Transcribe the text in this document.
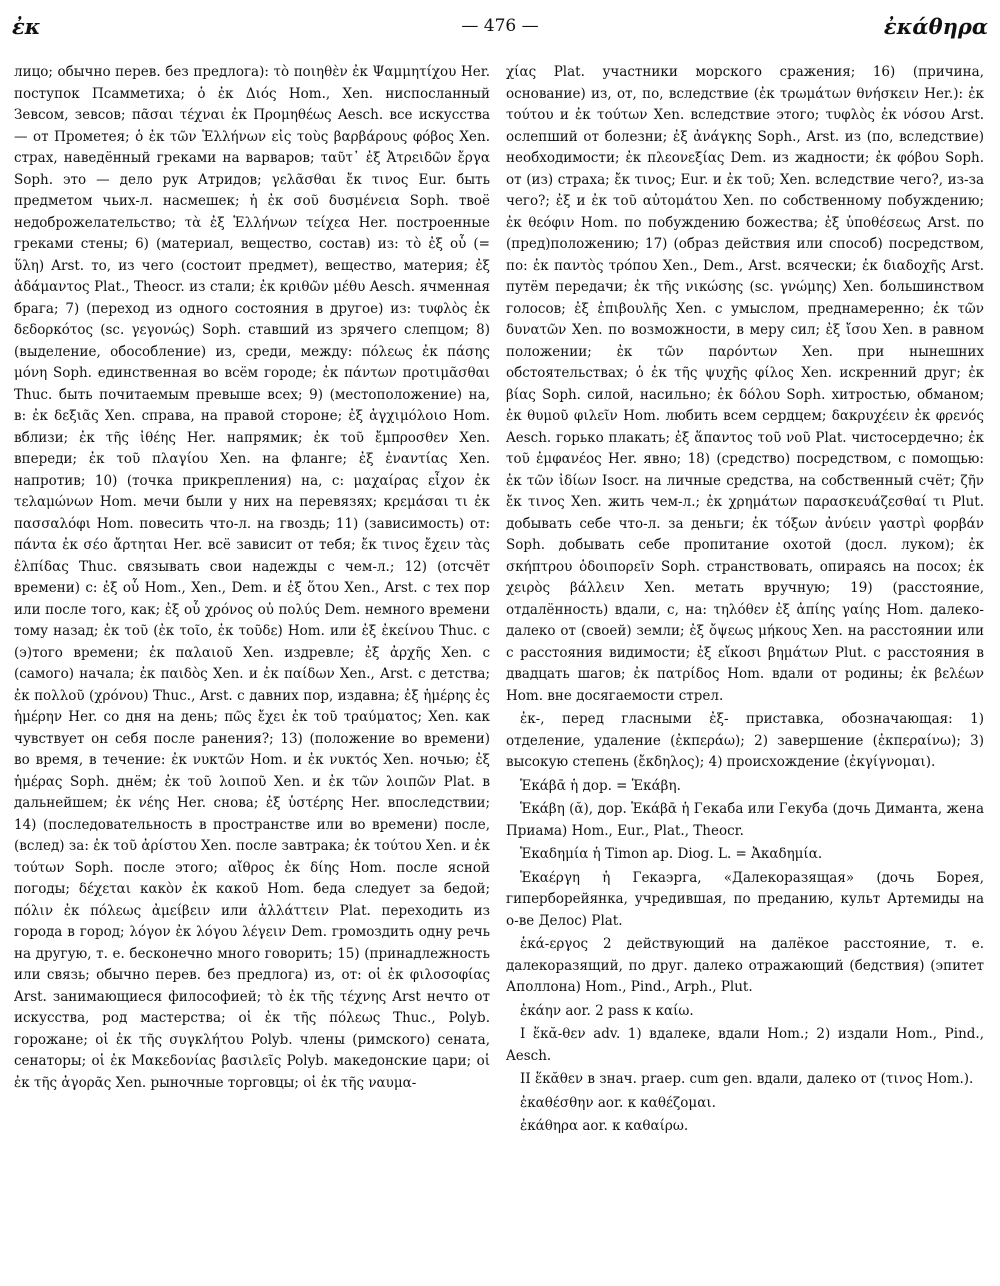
ἐκ	— 476 —	ἐκάθηρα

лицо; обычно перев. без предлога): τὸ ποιηθὲν ἐκ Ψαμμητίχου Her. поступок Псамметиха; ὁ ἐκ Διός Hom., Xen. ниспосланный Зевсом, зевсов; πᾶσαι τέχναι ἐκ Προμηθέως Aesch. все искусства — от Прометея; ὁ ἐκ τῶν Ἑλλήνων εἰς τοὺς βαρβάρους φόβος Xen. страх, наведённый греками на варваров; ταῦτ᾽ ἐξ Ἀτρειδῶν ἔργα Soph. это — дело рук Атридов; γελᾶσθαι ἔκ τινος Eur. быть предметом чьих-л. насмешек; ἡ ἐκ σοῦ δυσμένεια Soph. твоё недоброжелательство; τὰ ἐξ Ἑλλήνων τείχεα Her. построенные греками стены; 6) (материал, вещество, состав) из: τὸ ἐξ οὗ (= ὕλη) Arst. то, из чего (состоит предмет), вещество, материя; ἐξ ἀδάμαντος Plat., Theocr. из стали; ἐκ κριθῶν μέθυ Aesch. ячменная брага; 7) (переход из одного состояния в другое) из: τυφλὸς ἐκ δεδορκότος (sc. γεγονώς) Soph. ставший из зрячего слепцом; 8) (выделение, обособление) из, среди, между: πόλεως ἐκ πάσης μόνη Soph. единственная во всём городе; ἐκ πάντων προτιμᾶσθαι Thuc. быть почитаемым превыше всех; 9) (местоположение) на, в: ἐκ δεξιᾶς Xen. справа, на правой стороне; ἐξ ἀγχιμόλοιο Hom. вблизи; ἐκ τῆς ἰθέης Her. напрямик; ἐκ τοῦ ἔμπροσθεν Xen. впереди; ἐκ τοῦ πλαγίου Xen. на фланге; ἐξ ἐναντίας Xen. напротив; 10) (точка прикрепления) на, с: μαχαίρας εἶχον ἐκ τελαμώνων Hom. мечи были у них на перевязях; κρεμάσαι τι ἐκ πασσαλόφι Hom. повесить что-л. на гвоздь; 11) (зависимость) от: πάντα ἐκ σέο ἄρτηται Her. всё зависит от тебя; ἔκ τινος ἔχειν τὰς ἐλπίδας Thuc. связывать свои надежды с чем-л.; 12) (отсчёт времени) с: ἐξ οὗ Hom., Xen., Dem. и ἐξ ὅτου Xen., Arst. с тех пор или после того, как; ἐξ οὗ χρόνος οὐ πολύς Dem. немного времени тому назад; ἐκ τοῦ (ἐκ τοῖο, ἐκ τοῦδε) Hom. или ἐξ ἐκείνου Thuc. с (э)того времени; ἐκ παλαιοῦ Xen. издревле; ἐξ ἀρχῆς Xen. с (самого) начала; ἐκ παιδὸς Xen. и ἐκ παίδων Xen., Arst. с детства; ἐκ πολλοῦ (χρόνου) Thuc., Arst. с давних пор, издавна; ἐξ ἡμέρης ἐς ἡμέρην Her. со дня на день; πῶς ἔχει ἐκ τοῦ τραύματος; Xen. как чувствует он себя после ранения?; 13) (положение во времени) во время, в течение: ἐκ νυκτῶν Hom. и ἐκ νυκτός Xen. ночью; ἐξ ἡμέρας Soph. днём; ἐκ τοῦ λοιποῦ Xen. и ἐκ τῶν λοιπῶν Plat. в дальнейшем; ἐκ νέης Her. снова; ἐξ ὑστέρης Her. впоследствии; 14) (последовательность в пространстве или во времени) после, (вслед) за: ἐκ τοῦ ἀρίστου Xen. после завтрака; ἐκ τούτου Xen. и ἐκ τούτων Soph. после этого; αἴθρος ἐκ δίης Hom. после ясной погоды; δέχεται κακὸν ἐκ κακοῦ Hom. беда следует за бедой; πόλιν ἐκ πόλεως ἀμείβειν или ἀλλάττειν Plat. переходить из города в город; λόγον ἐκ λόγου λέγειν Dem. громоздить одну речь на другую, т. е. бесконечно много говорить; 15) (принадлежность или связь; обычно перев. без предлога) из, от: οἱ ἐκ φιλοσοφίας Arst. занимающиеся философией; τὸ ἐκ τῆς τέχνης Arst нечто от искусства, род мастерства; οἱ ἐκ τῆς πόλεως Thuc., Polyb. горожане; οἱ ἐκ τῆς συγκλήτου Polyb. члены (римского) сената, сенаторы; οἱ ἐκ Μακεδονίας βασιλεῖς Polyb. македонские цари; οἱ ἐκ τῆς ἀγορᾶς Xen. рыночные торговцы; οἱ ἐκ τῆς ναυμα-

χίας Plat. участники морского сражения; 16) (причина, основание) из, от, по, вследствие (ἐκ τρωμάτων θνήσκειν Her.): ἐκ τούτου и ἐκ τούτων Xen. вследствие этого; τυφλὸς ἐκ νόσου Arst. ослепший от болезни; ἐξ ἀνάγκης Soph., Arst. из (по, вследствие) необходимости; ἐκ πλεονεξίας Dem. из жадности; ἐκ φόβου Soph. от (из) страха; ἔκ τινος; Eur. и ἐκ τοῦ; Xen. вследствие чего?, из-за чего?; ἐξ и ἐκ τοῦ αὐτομάτου Xen. по собственному побуждению; ἐκ θεόφιν Hom. по побуждению божества; ἐξ ὑποθέσεως Arst. по (пред)положению; 17) (образ действия или способ) посредством, по: ἐκ παντὸς τρόπου Xen., Dem., Arst. всячески; ἐκ διαδοχῆς Arst. путём передачи; ἐκ τῆς νικώσης (sc. γνώμης) Xen. большинством голосов; ἐξ ἐπιβουλῆς Xen. с умыслом, преднамеренно; ἐκ τῶν δυνατῶν Xen. по возможности, в меру сил; ἐξ ἴσου Xen. в равном положении; ἐκ τῶν παρόντων Xen. при нынешних обстоятельствах; ὁ ἐκ τῆς ψυχῆς φίλος Xen. искренний друг; ἐκ βίας Soph. силой, насильно; ἐκ δόλου Soph. хитростью, обманом; ἐκ θυμοῦ φιλεῖν Hom. любить всем сердцем; δακρυχέειν ἐκ φρενός Aesch. горько плакать; ἐξ ἅπαντος τοῦ νοῦ Plat. чистосердечно; ἐκ τοῦ ἐμφανέος Her. явно; 18) (средство) посредством, с помощью: ἐκ τῶν ἰδίων Isocr. на личные средства, на собственный счёт; ζῆν ἔκ τινος Xen. жить чем-л.; ἐκ χρημάτων παρασκευάζεσθαί τι Plut. добывать себе что-л. за деньги; ἐκ τόξων ἀνύειν γαστρὶ φορβάν Soph. добывать себе пропитание охотой (досл. луком); ἐκ σκήπτρου ὁδοιπορεῖν Soph. странствовать, опираясь на посох; ἐκ χειρὸς βάλλειν Xen. метать вручную; 19) (расстояние, отдалённость) вдали, с, на: τηλόθεν ἐξ ἀπίης γαίης Hom. далеко-далеко от (своей) земли; ἐξ ὄψεως μήκους Xen. на расстоянии или с расстояния видимости; ἐξ εἴκοσι βημάτων Plut. с расстояния в двадцать шагов; ἐκ πατρίδος Hom. вдали от родины; ἐκ βελέων Hom. вне досягаемости стрел.

ἐκ-, перед гласными ἐξ- приставка, обозначающая: 1) отделение, удаление (ἐκπεράω); 2) завершение (ἐκπεραίνω); 3) высокую степень (ἔκδηλος); 4) происхождение (ἐκγίγνομαι).

Ἑκάβᾱ ἡ дор. = Ἑκάβη.

Ἑκάβη (ᾰ), дор. Ἑκάβᾱ ἡ Гекаба или Гекуба (дочь Диманта, жена Приама) Hom., Eur., Plat., Theocr.

Ἑκαδημία ἡ Timon ap. Diog. L. = Ἀκαδημία.

Ἑκαέργη ἡ Гекаэрга, «Далекоразящая» (дочь Борея, гиперборейянка, учредившая, по преданию, культ Артемиды на о-ве Делос) Plat.

ἑκά-εργος 2 действующий на далёкое расстояние, т. е. далекоразящий, по друг. далеко отражающий (бедствия) (эпитет Аполлона) Hom., Pind., Arph., Plut.

ἐκάην aor. 2 pass к καίω.

I ἕκᾰ-θεν adv. 1) вдалеке, вдали Hom.; 2) издали Hom., Pind., Aesch.

II ἕκᾰθεν в знач. praep. cum gen. вдали, далеко от (τινος Hom.).

ἐκαθέσθην aor. к καθέζομαι.

ἐκάθηρα aor. к καθαίρω.
